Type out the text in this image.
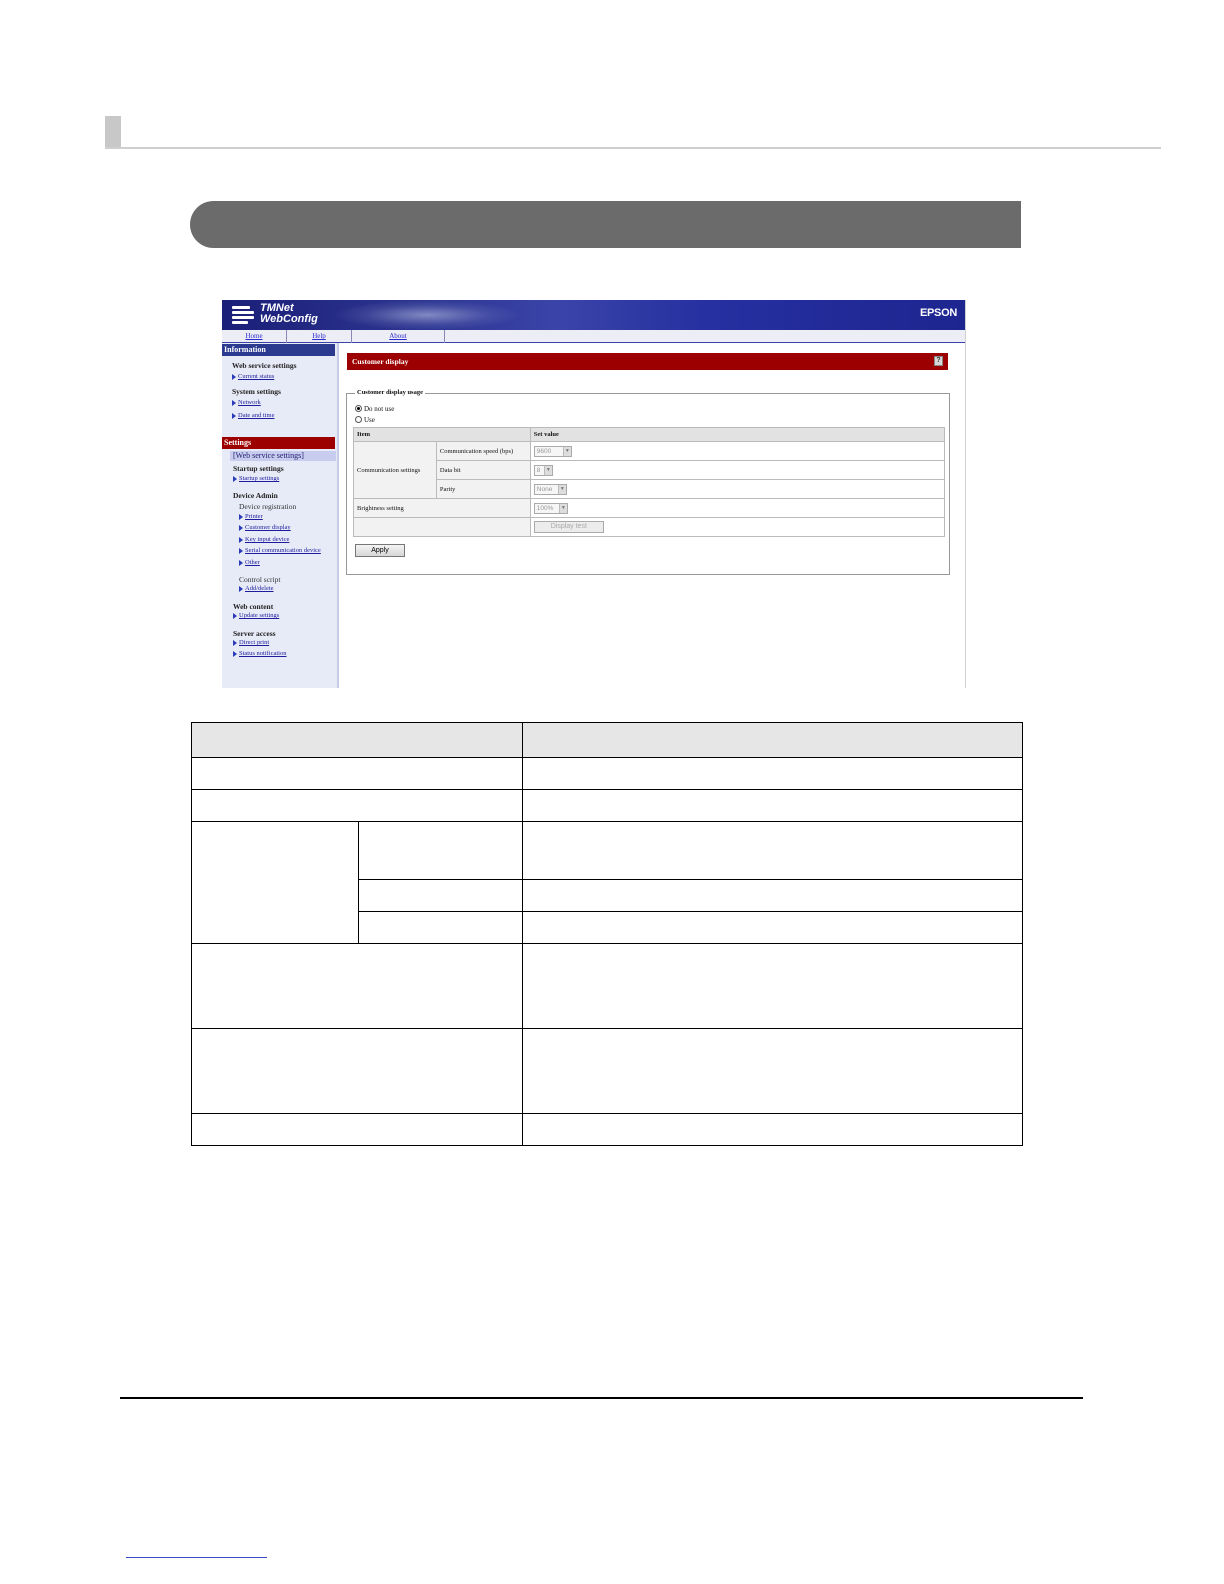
TMNet
WebConfig	EPSON
Home	Help	About
Information
Web service settings
Current status
System settings
Network
Date and time
Settings
[Web service settings]
Startup settings
Startup settings
Device Admin
Device registration
Printer
Customer display
Key input device
Serial communication device
Other
Control script
Add/delete
Web content
Update settings
Server access
Direct print
Status notification
Customer display	?
Customer display usage
Do not use
Use
Item		Set value
Communication settings	Communication speed (bps)	9600 ▼

	Data bit	8 ▼

	Parity	None ▼

Brightness setting		100% ▼

		Display test
Apply
